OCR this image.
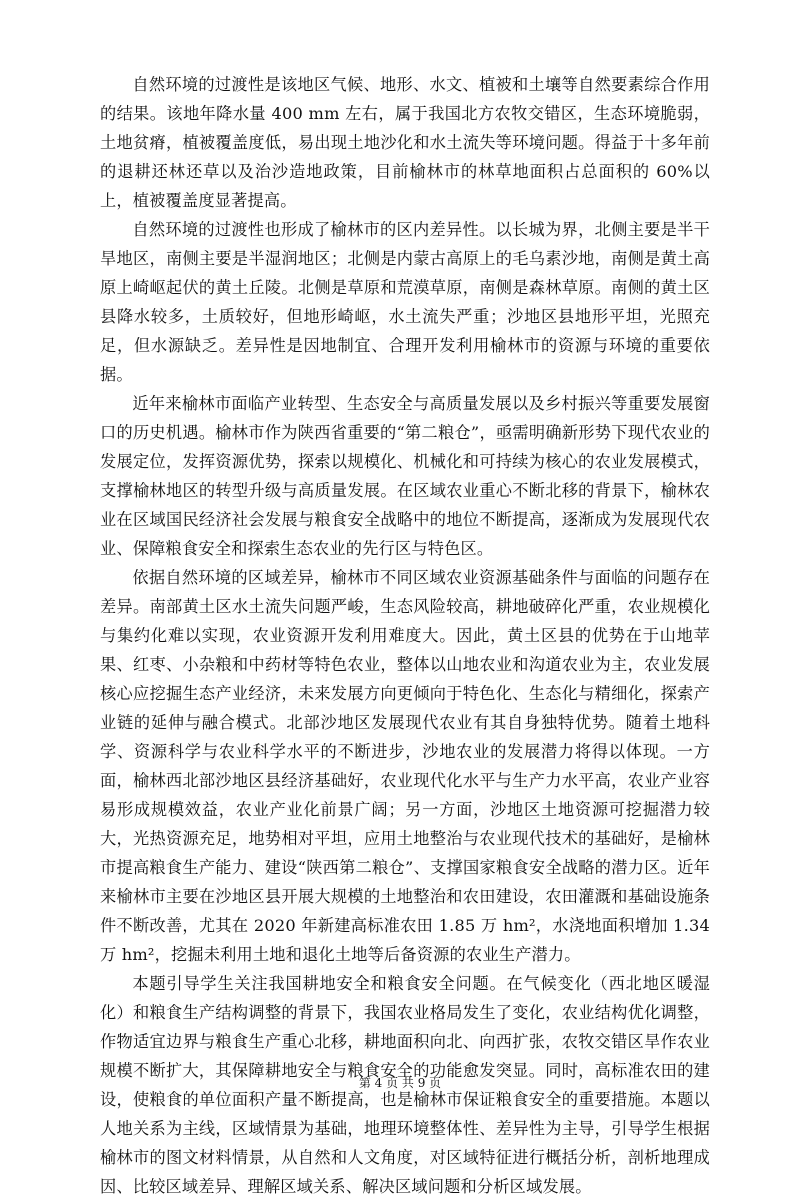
自然环境的过渡性是该地区气候、地形、水文、植被和土壤等自然要素综合作用的结果。该地年降水量 400 mm 左右，属于我国北方农牧交错区，生态环境脆弱，土地贫瘠，植被覆盖度低，易出现土地沙化和水土流失等环境问题。得益于十多年前的退耕还林还草以及治沙造地政策，目前榆林市的林草地面积占总面积的 60%以上，植被覆盖度显著提高。

自然环境的过渡性也形成了榆林市的区内差异性。以长城为界，北侧主要是半干旱地区，南侧主要是半湿润地区；北侧是内蒙古高原上的毛乌素沙地，南侧是黄土高原上崎岖起伏的黄土丘陵。北侧是草原和荒漠草原，南侧是森林草原。南侧的黄土区县降水较多，土质较好，但地形崎岖，水土流失严重；沙地区县地形平坦，光照充足，但水源缺乏。差异性是因地制宜、合理开发利用榆林市的资源与环境的重要依据。

近年来榆林市面临产业转型、生态安全与高质量发展以及乡村振兴等重要发展窗口的历史机遇。榆林市作为陕西省重要的“第二粮仓”，亟需明确新形势下现代农业的发展定位，发挥资源优势，探索以规模化、机械化和可持续为核心的农业发展模式，支撑榆林地区的转型升级与高质量发展。在区域农业重心不断北移的背景下，榆林农业在区域国民经济社会发展与粮食安全战略中的地位不断提高，逐渐成为发展现代农业、保障粮食安全和探索生态农业的先行区与特色区。

依据自然环境的区域差异，榆林市不同区域农业资源基础条件与面临的问题存在差异。南部黄土区水土流失问题严峻，生态风险较高，耕地破碎化严重，农业规模化与集约化难以实现，农业资源开发利用难度大。因此，黄土区县的优势在于山地苹果、红枣、小杂粮和中药材等特色农业，整体以山地农业和沟道农业为主，农业发展核心应挖掘生态产业经济，未来发展方向更倾向于特色化、生态化与精细化，探索产业链的延伸与融合模式。北部沙地区发展现代农业有其自身独特优势。随着土地科学、资源科学与农业科学水平的不断进步，沙地农业的发展潜力将得以体现。一方面，榆林西北部沙地区县经济基础好，农业现代化水平与生产力水平高，农业产业容易形成规模效益，农业产业化前景广阔；另一方面，沙地区土地资源可挖掘潜力较大，光热资源充足，地势相对平坦，应用土地整治与农业现代技术的基础好，是榆林市提高粮食生产能力、建设“陕西第二粮仓”、支撑国家粮食安全战略的潜力区。近年来榆林市主要在沙地区县开展大规模的土地整治和农田建设，农田灌溉和基础设施条件不断改善，尤其在 2020 年新建高标准农田 1.85 万 hm²，水浇地面积增加 1.34 万 hm²，挖掘未利用土地和退化土地等后备资源的农业生产潜力。

本题引导学生关注我国耕地安全和粮食安全问题。在气候变化（西北地区暖湿化）和粮食生产结构调整的背景下，我国农业格局发生了变化，农业结构优化调整，作物适宜边界与粮食生产重心北移，耕地面积向北、向西扩张，农牧交错区旱作农业规模不断扩大，其保障耕地安全与粮食安全的功能愈发突显。同时，高标准农田的建设，使粮食的单位面积产量不断提高，也是榆林市保证粮食安全的重要措施。本题以人地关系为主线，区域情景为基础，地理环境整体性、差异性为主导，引导学生根据榆林市的图文材料情景，从自然和人文角度，对区域特征进行概括分析，剖析地理成因、比较区域差异、理解区域关系、解决区域问题和分析区域发展。

第 4 页 共 9 页
